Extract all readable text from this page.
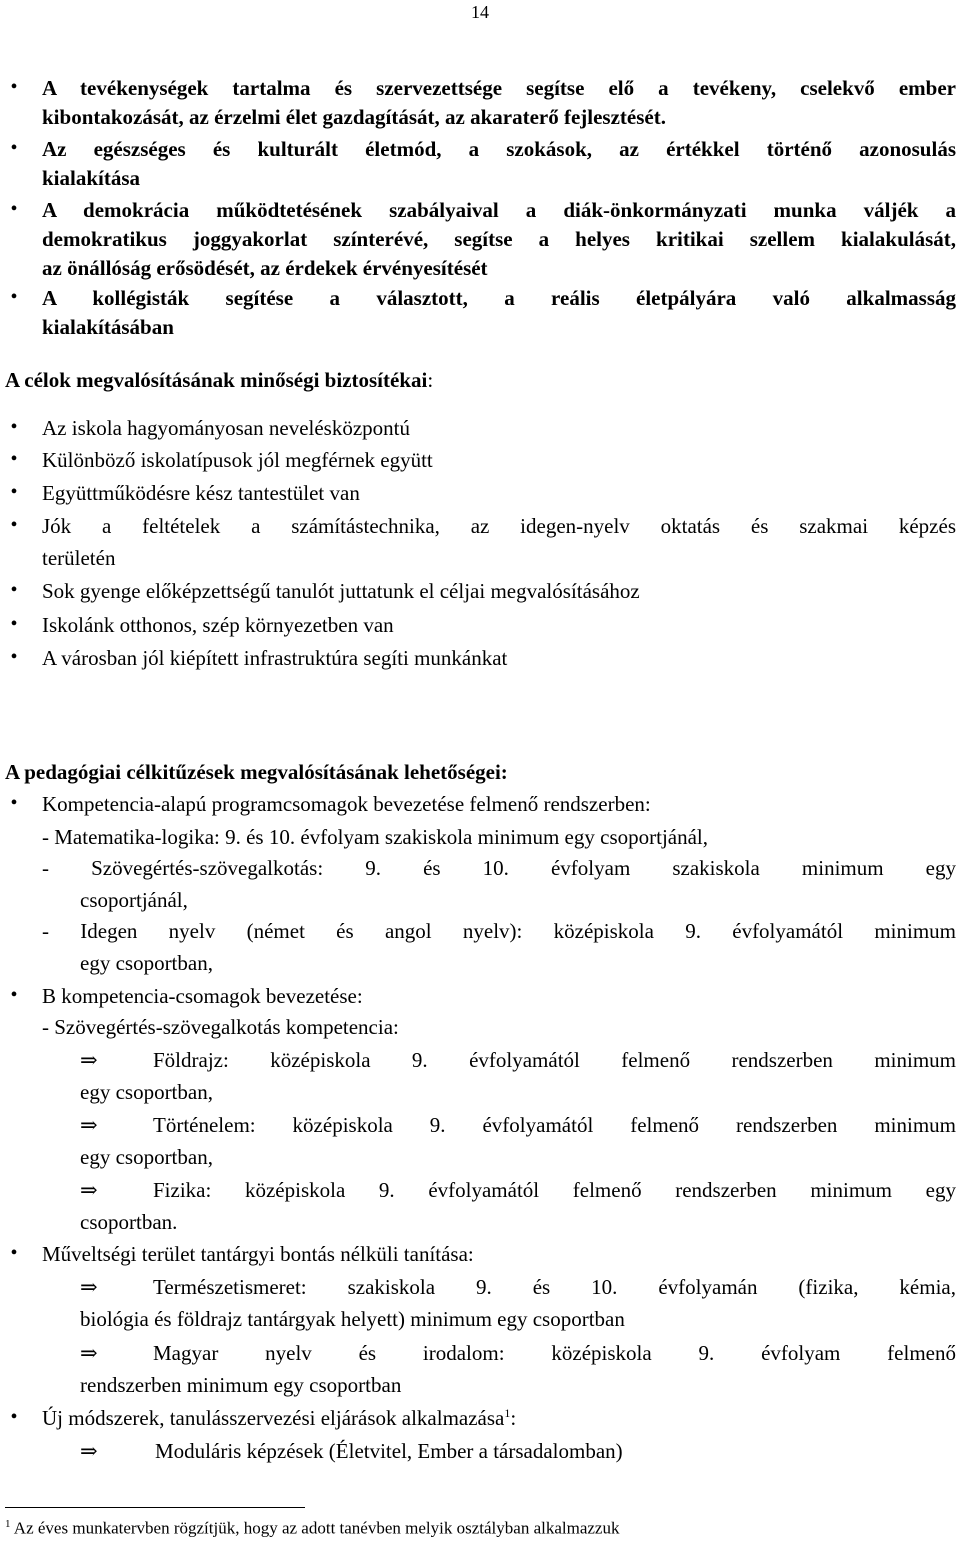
14
• A tevékenységek tartalma és szervezettsége segítse elő a tevékeny, cselekvő ember
kibontakozását, az érzelmi élet gazdagítását, az akaraterő fejlesztését.
• Az egészséges és kulturált életmód, a szokások, az értékkel történő azonosulás
kialakítása
• A demokrácia működtetésének szabályaival a diák-önkormányzati munka váljék a
demokratikus joggyakorlat színterévé, segítse a helyes kritikai szellem kialakulását,
az önállóság erősödését, az érdekek érvényesítését
• A kollégisták segítése a választott, a reális életpályára való alkalmasság
kialakításában
A célok megvalósításának minőségi biztosítékai:
• Az iskola hagyományosan nevelésközpontú
• Különböző iskolatípusok jól megférnek együtt
• Együttműködésre kész tantestület van
• Jók a feltételek a számítástechnika, az idegen-nyelv oktatás és szakmai képzés
területén
• Sok gyenge előképzettségű tanulót juttatunk el céljai megvalósításához
• Iskolánk otthonos, szép környezetben van
• A városban jól kiépített infrastruktúra segíti munkánkat
A pedagógiai célkitűzések megvalósításának lehetőségei:
• Kompetencia-alapú programcsomagok bevezetése felmenő rendszerben:
- Matematika-logika: 9. és 10. évfolyam szakiskola minimum egy csoportjánál,
- Szövegértés-szövegalkotás: 9. és 10. évfolyam szakiskola minimum egy
csoportjánál,
- Idegen nyelv (német és angol nyelv): középiskola 9. évfolyamától minimum
egy csoportban,
• B kompetencia-csomagok bevezetése:
- Szövegértés-szövegalkotás kompetencia:
⇒	Földrajz: középiskola 9. évfolyamától felmenő rendszerben minimum
egy csoportban,
⇒	Történelem: középiskola 9. évfolyamától felmenő rendszerben minimum
egy csoportban,
⇒	Fizika: középiskola 9. évfolyamától felmenő rendszerben minimum egy
csoportban.
• Műveltségi terület tantárgyi bontás nélküli tanítása:
⇒	Természetismeret: szakiskola 9. és 10. évfolyamán (fizika, kémia,
biológia és földrajz tantárgyak helyett) minimum egy csoportban
⇒	Magyar nyelv és irodalom: középiskola 9. évfolyam felmenő
rendszerben minimum egy csoportban
• Új módszerek, tanulásszervezési eljárások alkalmazása$^1$:
⇒	Moduláris képzések (Életvitel, Ember a társadalomban)
$^1$ Az éves munkatervben rögzítjük, hogy az adott tanévben melyik osztályban alkalmazzuk
